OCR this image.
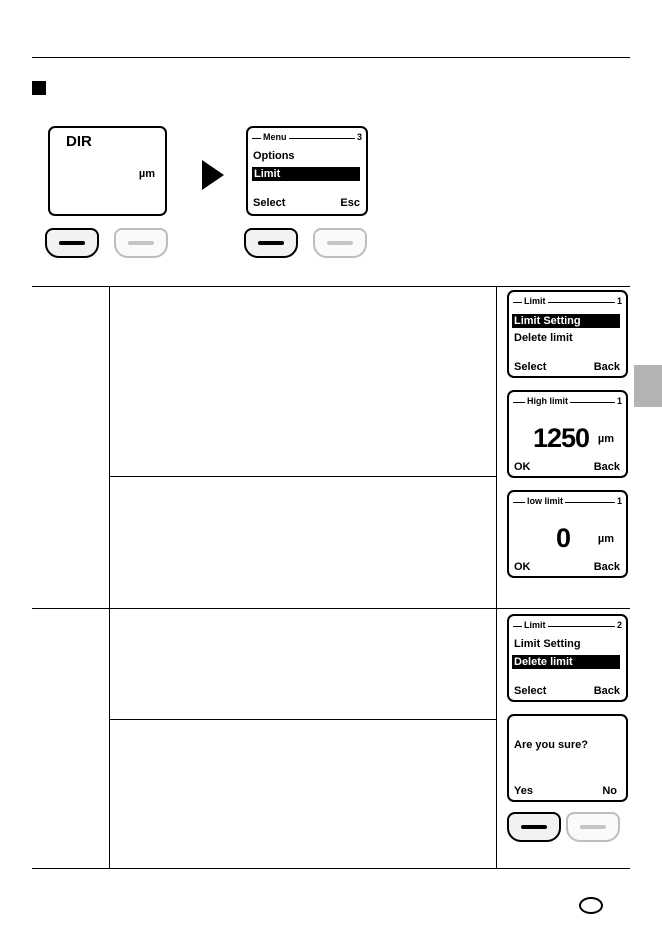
DIR
µm
Menu	3
Options
Limit
Select	Esc
Limit	1
Limit Setting
Delete limit
Select	Back
High limit	1
1250 µm
OK	Back
low limit	1
0	µm
OK	Back
Limit	2
Limit Setting
Delete limit
Select	Back
Are you sure?
Yes	No
